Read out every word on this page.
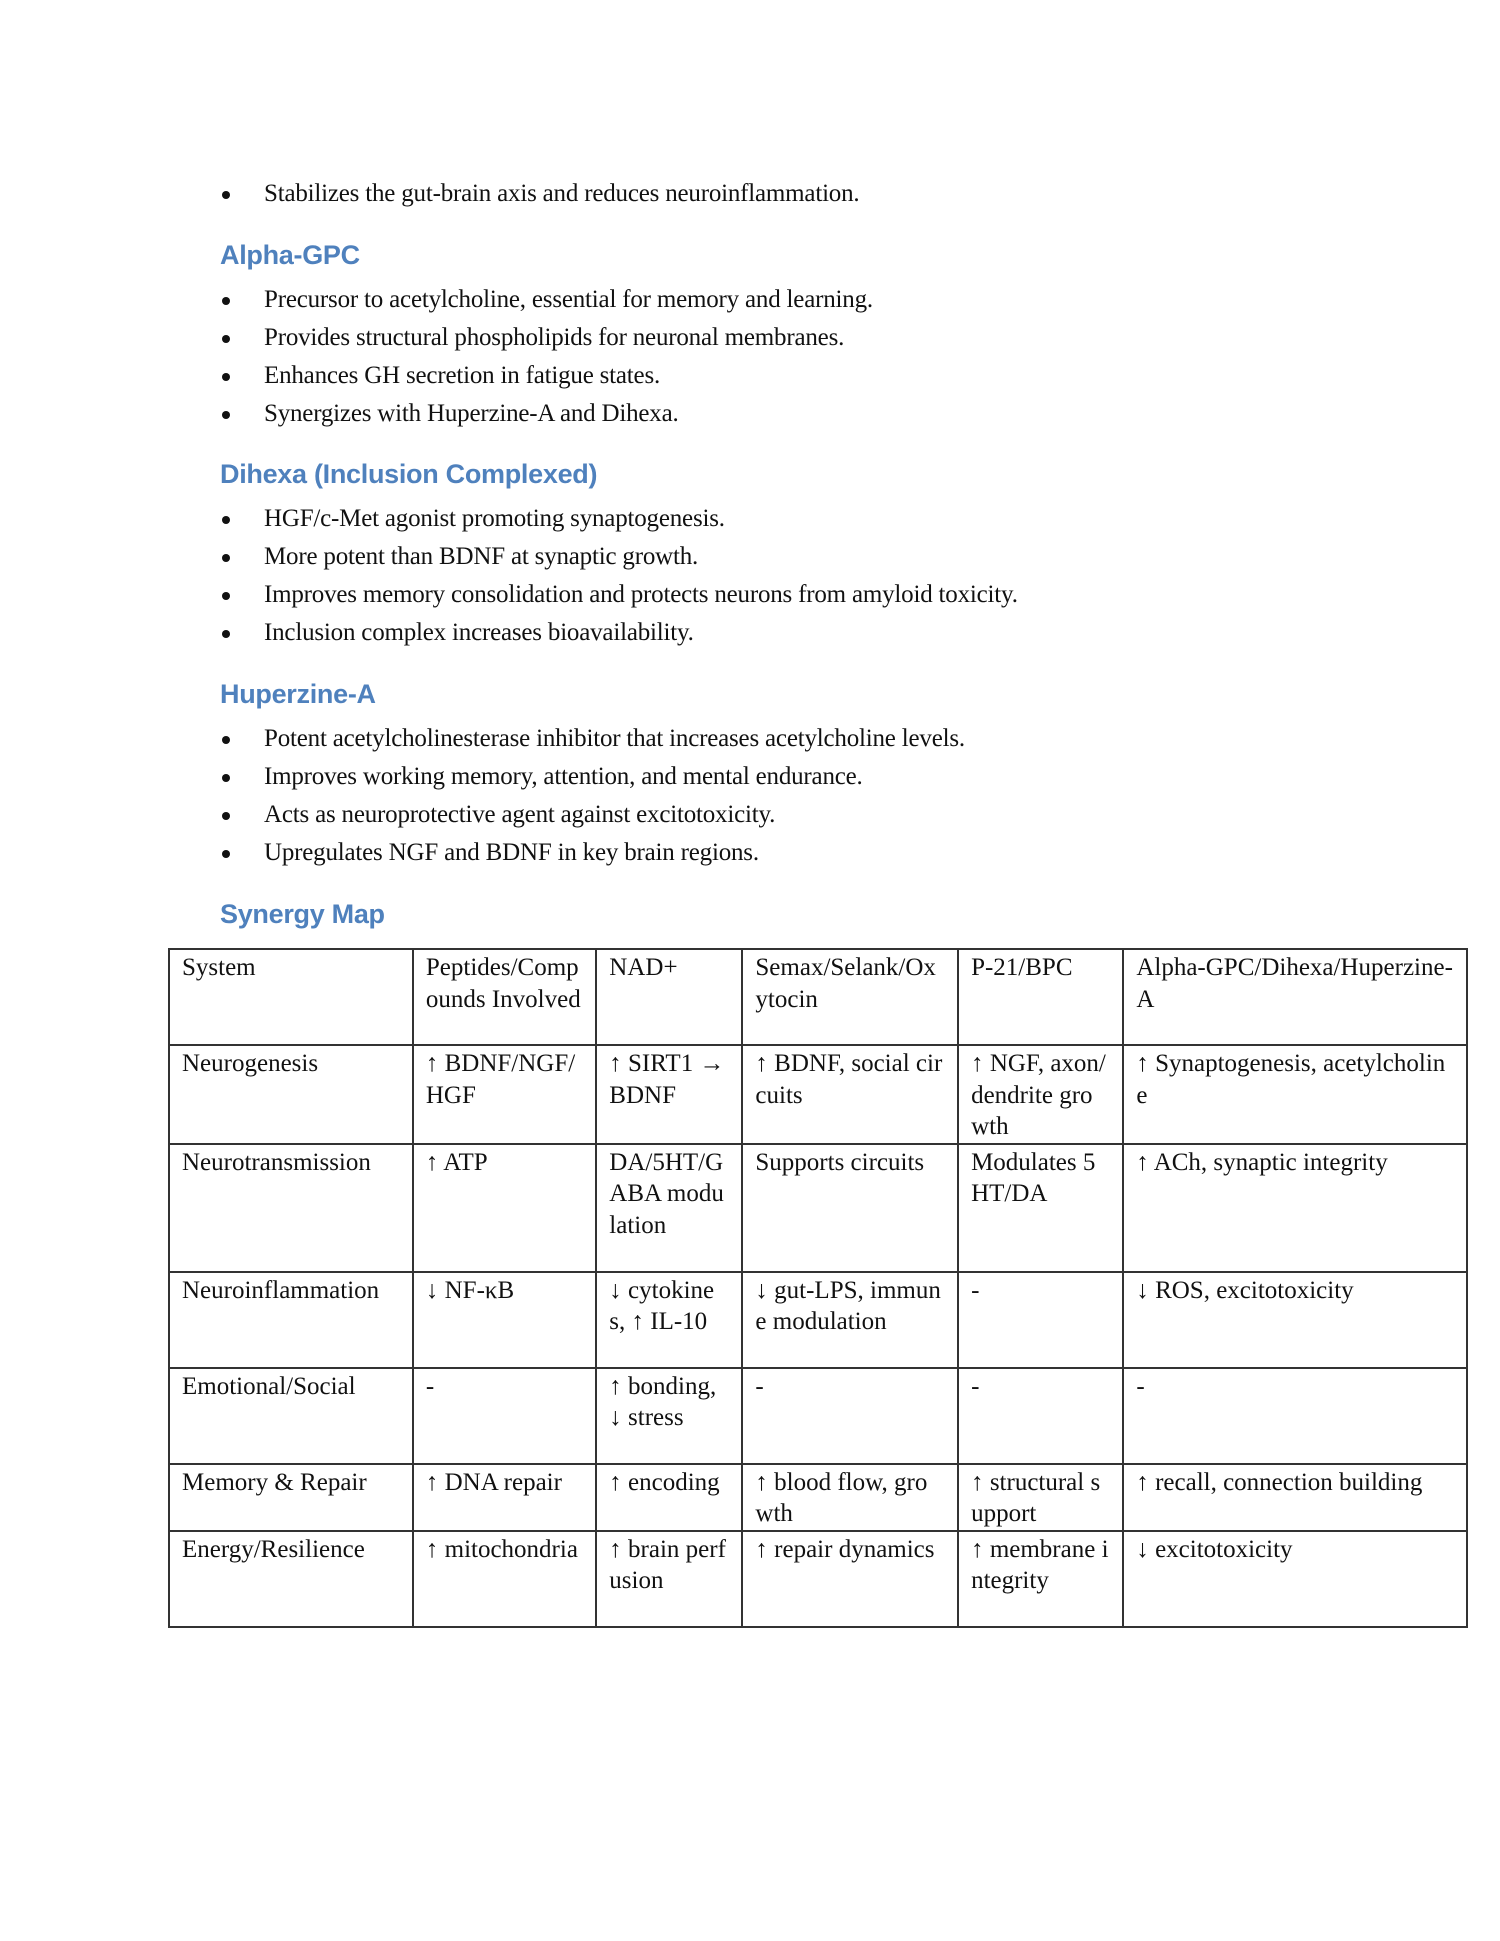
Stabilizes the gut-brain axis and reduces neuroinflammation.
Alpha-GPC
Precursor to acetylcholine, essential for memory and learning.
Provides structural phospholipids for neuronal membranes.
Enhances GH secretion in fatigue states.
Synergizes with Huperzine-A and Dihexa.
Dihexa (Inclusion Complexed)
HGF/c-Met agonist promoting synaptogenesis.
More potent than BDNF at synaptic growth.
Improves memory consolidation and protects neurons from amyloid toxicity.
Inclusion complex increases bioavailability.
Huperzine-A
Potent acetylcholinesterase inhibitor that increases acetylcholine levels.
Improves working memory, attention, and mental endurance.
Acts as neuroprotective agent against excitotoxicity.
Upregulates NGF and BDNF in key brain regions.
Synergy Map
System	Peptides/Compounds Involved	NAD+	Semax/Selank/Oxytocin	P-21/BPC	Alpha-GPC/Dihexa/Huperzine-A
Neurogenesis	↑ BDNF/NGF/HGF	↑ SIRT1 → BDNF	↑ BDNF, social circuits	↑ NGF, axon/dendrite growth	↑ Synaptogenesis, acetylcholine
Neurotransmission	↑ ATP	DA/5HT/GABA modulation	Supports circuits	Modulates 5HT/DA	↑ ACh, synaptic integrity
Neuroinflammation	↓ NF-κB	↓ cytokines, ↑ IL-10	↓ gut-LPS, immune modulation	-	↓ ROS, excitotoxicity
Emotional/Social	-	↑ bonding, ↓ stress	-	-	-
Memory & Repair	↑ DNA repair	↑ encoding	↑ blood flow, growth	↑ structural support	↑ recall, connection building
Energy/Resilience	↑ mitochondria	↑ brain perfusion	↑ repair dynamics	↑ membrane integrity	↓ excitotoxicity
